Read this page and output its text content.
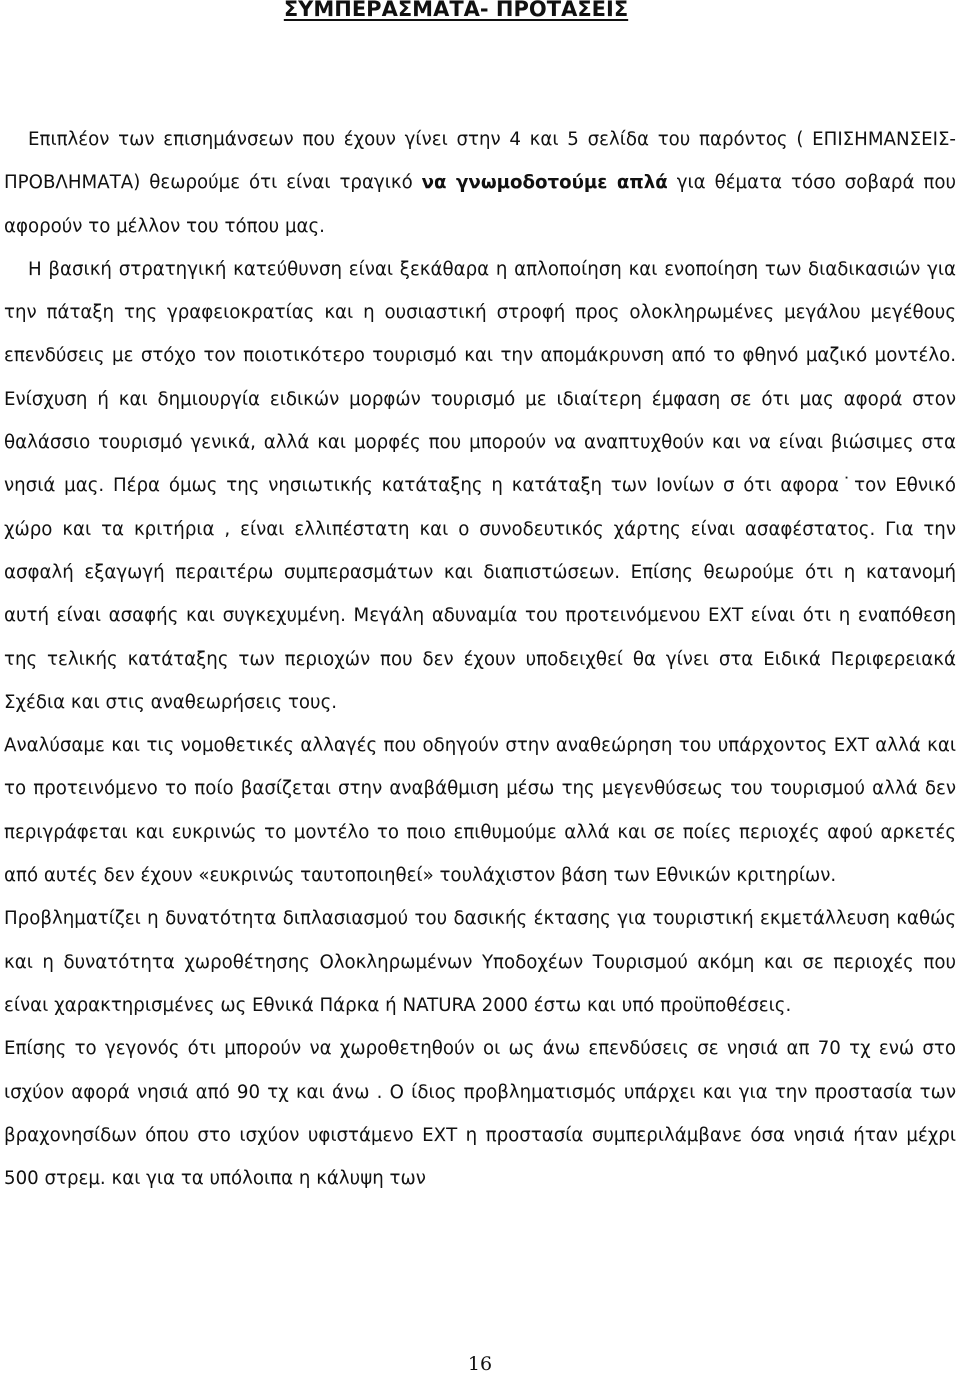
ΣΥΜΠΕΡΑΣΜΑΤΑ- ΠΡΟΤΑΣΕΙΣ

Επιπλέον των επισημάνσεων που έχουν γίνει στην 4 και 5 σελίδα του παρόντος ( ΕΠΙΣΗΜΑΝΣΕΙΣ-ΠΡΟΒΛΗΜΑΤΑ) θεωρούμε ότι είναι τραγικό να γνωμοδοτούμε απλά για θέματα τόσο σοβαρά που αφορούν το μέλλον του τόπου μας.

Η βασική στρατηγική κατεύθυνση είναι ξεκάθαρα η απλοποίηση και ενοποίηση των διαδικασιών για την πάταξη της γραφειοκρατίας και η ουσιαστική στροφή προς ολοκληρωμένες μεγάλου μεγέθους επενδύσεις με στόχο τον ποιοτικότερο τουρισμό και την απομάκρυνση από το φθηνό μαζικό μοντέλο. Ενίσχυση ή και δημιουργία ειδικών μορφών τουρισμό με ιδιαίτερη έμφαση σε ότι μας αφορά στον θαλάσσιο τουρισμό γενικά, αλλά και μορφές που μπορούν να αναπτυχθούν και να είναι βιώσιμες στα νησιά μας. Πέρα όμως της νησιωτικής κατάταξης η κατάταξη των Ιονίων σ ότι αφορα˙τον Εθνικό χώρο και τα κριτήρια , είναι ελλιπέστατη και ο συνοδευτικός χάρτης είναι ασαφέστατος. Για την ασφαλή εξαγωγή περαιτέρω συμπερασμάτων και διαπιστώσεων. Επίσης θεωρούμε ότι η κατανομή αυτή είναι ασαφής και συγκεχυμένη. Μεγάλη αδυναμία του προτεινόμενου ΕΧΤ είναι ότι η εναπόθεση της τελικής κατάταξης των περιοχών που δεν έχουν υποδειχθεί θα γίνει στα Ειδικά Περιφερειακά Σχέδια και στις αναθεωρήσεις τους.

Αναλύσαμε και τις νομοθετικές αλλαγές που οδηγούν στην αναθεώρηση του υπάρχοντος ΕΧΤ αλλά και το προτεινόμενο το ποίο βασίζεται στην αναβάθμιση μέσω της μεγενθύσεως του τουρισμού αλλά δεν περιγράφεται και ευκρινώς το μοντέλο το ποιο επιθυμούμε αλλά και σε ποίες περιοχές αφού αρκετές από αυτές δεν έχουν «ευκρινώς ταυτοποιηθεί» τουλάχιστον βάση των Εθνικών κριτηρίων.

Προβληματίζει η δυνατότητα διπλασιασμού του δασικής έκτασης για τουριστική εκμετάλλευση καθώς και η δυνατότητα χωροθέτησης Ολοκληρωμένων Υποδοχέων Τουρισμού ακόμη και σε περιοχές που είναι χαρακτηρισμένες ως Εθνικά Πάρκα ή NATURA 2000 έστω και υπό προϋποθέσεις.

Επίσης το γεγονός ότι μπορούν να χωροθετηθούν οι ως άνω επενδύσεις σε νησιά απ 70 τχ ενώ στο ισχύον αφορά νησιά από 90 τχ και άνω . Ο ίδιος προβληματισμός υπάρχει και για την προστασία των βραχονησίδων όπου στο ισχύον υφιστάμενο ΕΧΤ η προστασία συμπεριλάμβανε όσα νησιά ήταν μέχρι 500 στρεμ. και για τα υπόλοιπα η κάλυψη των

16
